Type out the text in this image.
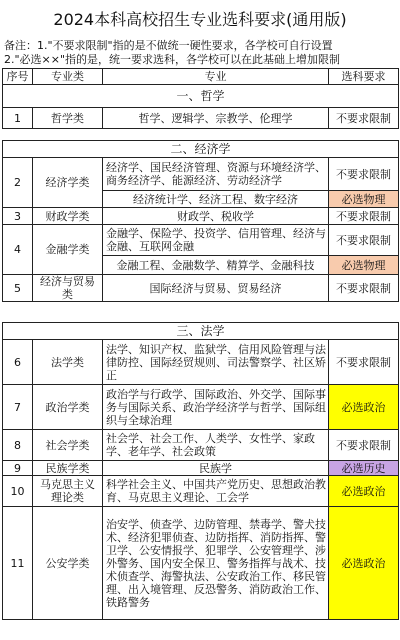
2024本科高校招生专业选科要求(通用版)
备注：1."不要求限制"指的是不做统一硬性要求，各学校可自行设置
2."必选××"指的是，统一要求选科，各学校可以在此基础上增加限制
序号	专业类	专业	选科要求
一、哲学			
1	哲学类	哲学、逻辑学、宗教学、伦理学	不要求限制
二、经济学			
2	经济学类	经济学、国民经济管理、资源与环境经济学、商务经济学、能源经济、劳动经济学	不要求限制
		经济统计学、经济工程、数字经济	必选物理
3	财政学类	财政学、税收学	不要求限制
4	金融学类	金融学、保险学、投资学、信用管理、经济与金融、互联网金融	不要求限制
		金融工程、金融数学、精算学、金融科技	必选物理
5	经济与贸易类	国际经济与贸易、贸易经济	不要求限制
三、法学			
6	法学类	法学、知识产权、监狱学、信用风险管理与法律防控、国际经贸规则、司法警察学、社区矫正	不要求限制
7	政治学类	政治学与行政学、国际政治、外交学、国际事务与国际关系、政治学经济学与哲学、国际组织与全球治理	必选政治
8	社会学类	社会学、社会工作、人类学、女性学、家政学、老年学、社会政策	不要求限制
9	民族学类	民族学	必选历史
10	马克思主义理论类	科学社会主义、中国共产党历史、思想政治教育、马克思主义理论、工会学	必选政治
11	公安学类	治安学、侦查学、边防管理、禁毒学、警犬技术、经济犯罪侦查、边防指挥、消防指挥、警卫学、公安情报学、犯罪学、公安管理学、涉外警务、国内安全保卫、警务指挥与战术、技术侦查学、海警执法、公安政治工作、移民管理、出入境管理、反恐警务、消防政治工作、铁路警务	必选政治
